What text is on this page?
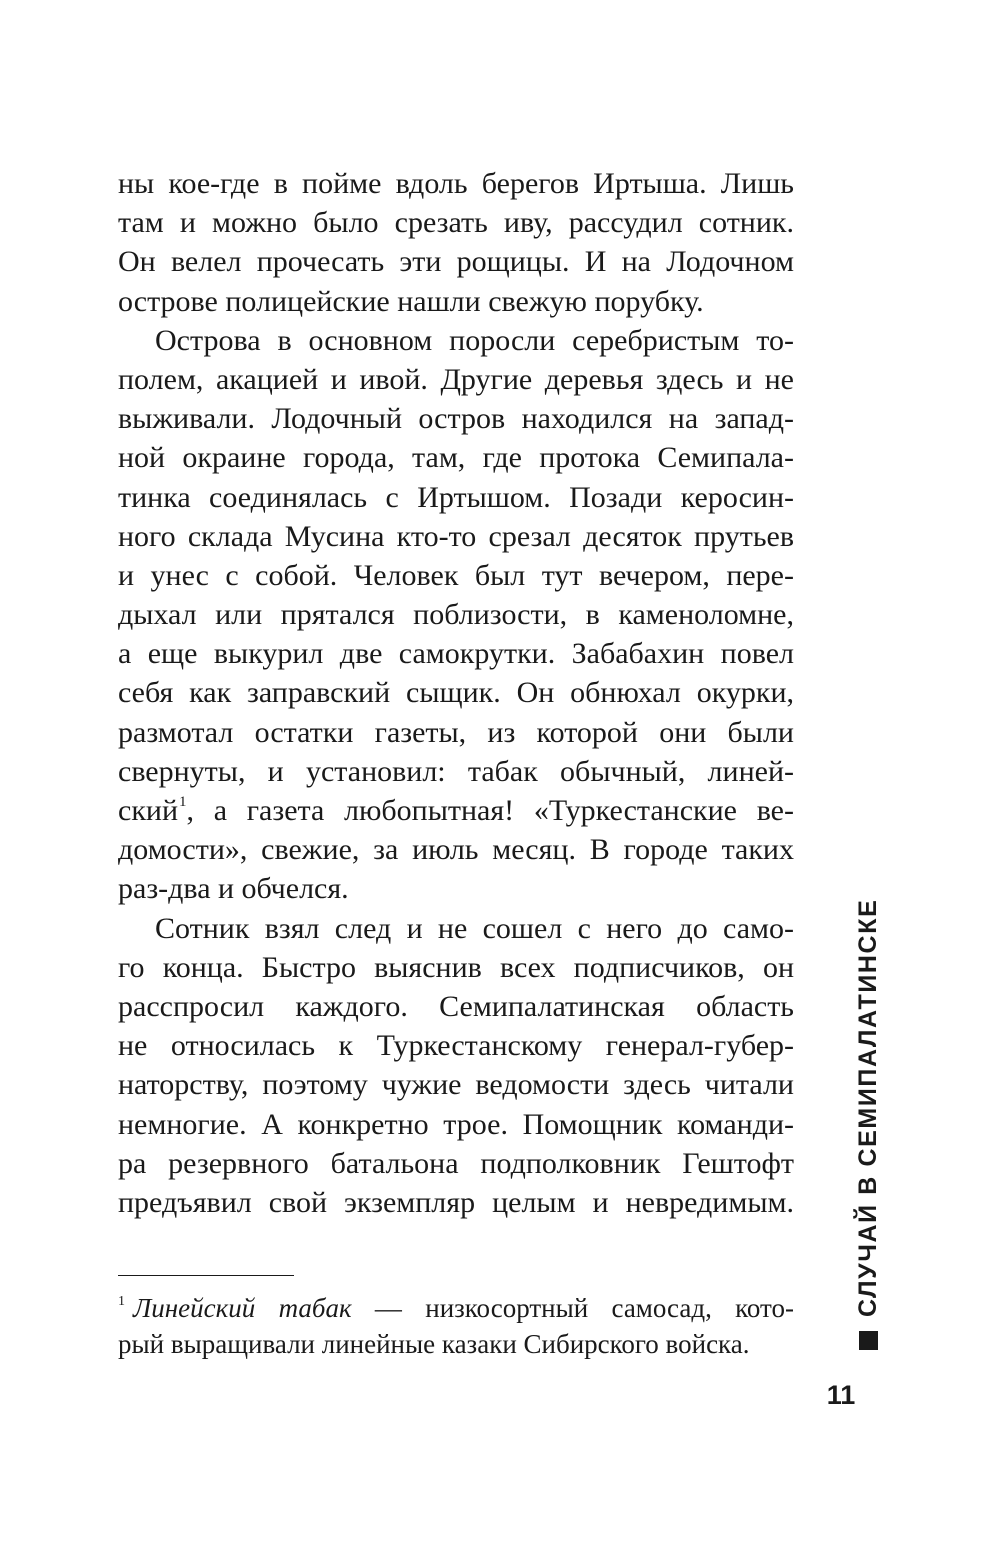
ны кое-где в пойме вдоль берегов Иртыша. Лишь
там и можно было срезать иву, рассудил сотник.
Он велел прочесать эти рощицы. И на Лодочном
острове полицейские нашли свежую порубку.
Острова в основном поросли серебристым то-
полем, акацией и ивой. Другие деревья здесь и не
выживали. Лодочный остров находился на запад-
ной окраине города, там, где протока Семипала-
тинка соединялась с Иртышом. Позади керосин-
ного склада Мусина кто-то срезал десяток прутьев
и унес с собой. Человек был тут вечером, пере-
дыхал или прятался поблизости, в каменоломне,
а еще выкурил две самокрутки. Забабахин повел
себя как заправский сыщик. Он обнюхал окурки,
размотал остатки газеты, из которой они были
свернуты, и установил: табак обычный, линей-
ский$^1$, а газета любопытная! «Туркестанские ве-
домости», свежие, за июль месяц. В городе таких
раз-два и обчелся.
Сотник взял след и не сошел с него до само-
го конца. Быстро выяснив всех подписчиков, он
расспросил каждого. Семипалатинская область
не относилась к Туркестанскому генерал-губер-
наторству, поэтому чужие ведомости здесь читали
немногие. А конкретно трое. Помощник команди-
ра резервного батальона подполковник Гештофт
предъявил свой экземпляр целым и невредимым.
$^1$ Линейский табак — низкосортный самосад, кото-
рый выращивали линейные казаки Сибирского войска.
СЛУЧАЙ В СЕМИПАЛАТИНСКЕ
11
